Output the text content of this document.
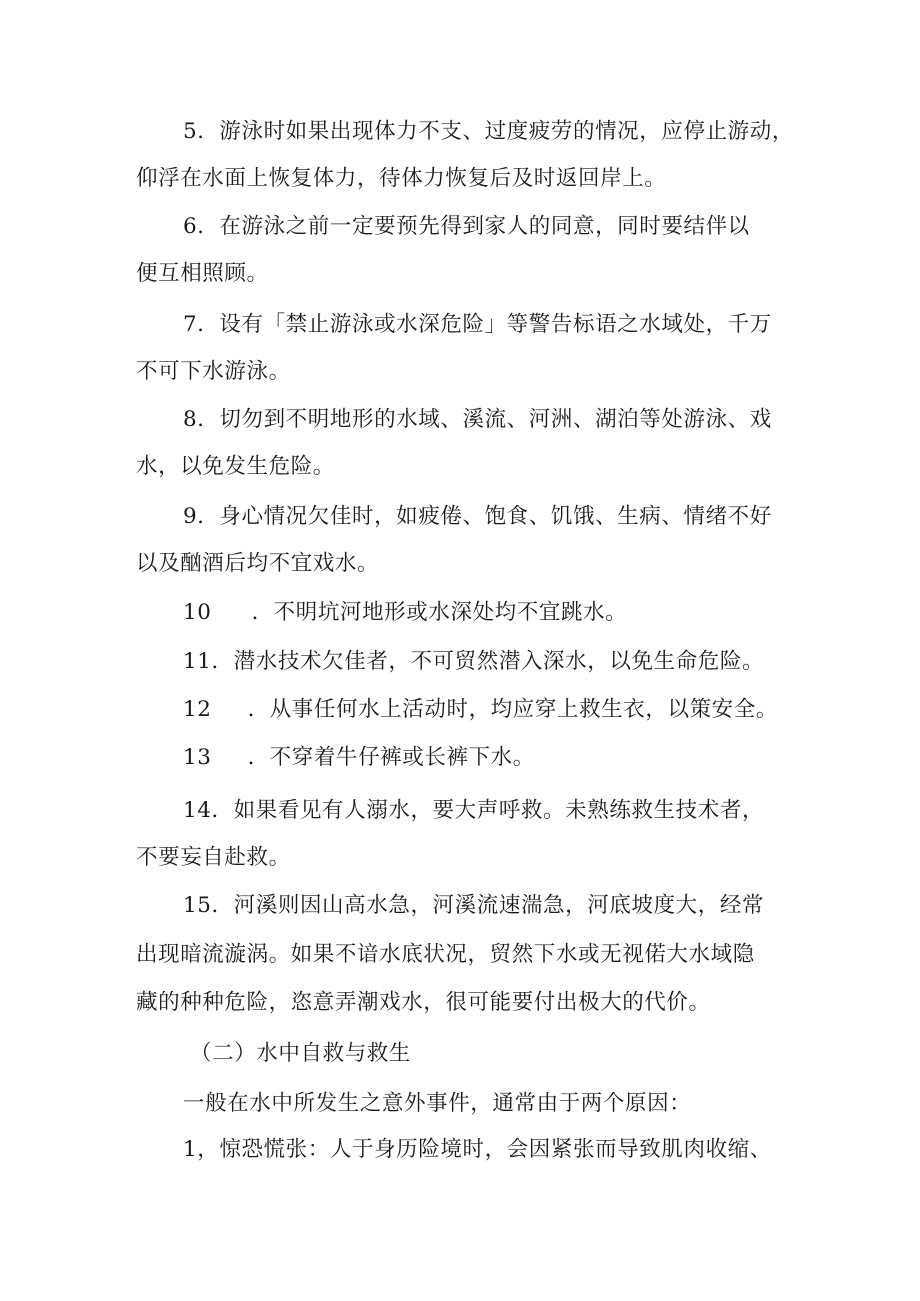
5．游泳时如果出现体力不支、过度疲劳的情况，应停止游动，
仰浮在水面上恢复体力，待体力恢复后及时返回岸上。
6．在游泳之前一定要预先得到家人的同意，同时要结伴以
便互相照顾。
7．设有「禁止游泳或水深危险」等警告标语之水域处，千万
不可下水游泳。
8．切勿到不明地形的水域、溪流、河洲、湖泊等处游泳、戏
水，以免发生危险。
9．身心情况欠佳时，如疲倦、饱食、饥饿、生病、情绪不好
以及酗酒后均不宜戏水。
10 ．不明坑河地形或水深处均不宜跳水。
11．潜水技术欠佳者，不可贸然潜入深水，以免生命危险。
12 ．从事任何水上活动时，均应穿上救生衣，以策安全。
13 ．不穿着牛仔裤或长裤下水。
14．如果看见有人溺水，要大声呼救。未熟练救生技术者，
不要妄自赴救。
15．河溪则因山高水急，河溪流速湍急，河底坡度大，经常
出现暗流漩涡。如果不谙水底状况，贸然下水或无视偌大水域隐
藏的种种危险，恣意弄潮戏水，很可能要付出极大的代价。
（二）水中自救与救生
一般在水中所发生之意外事件，通常由于两个原因：
1，惊恐慌张：人于身历险境时，会因紧张而导致肌肉收缩、
